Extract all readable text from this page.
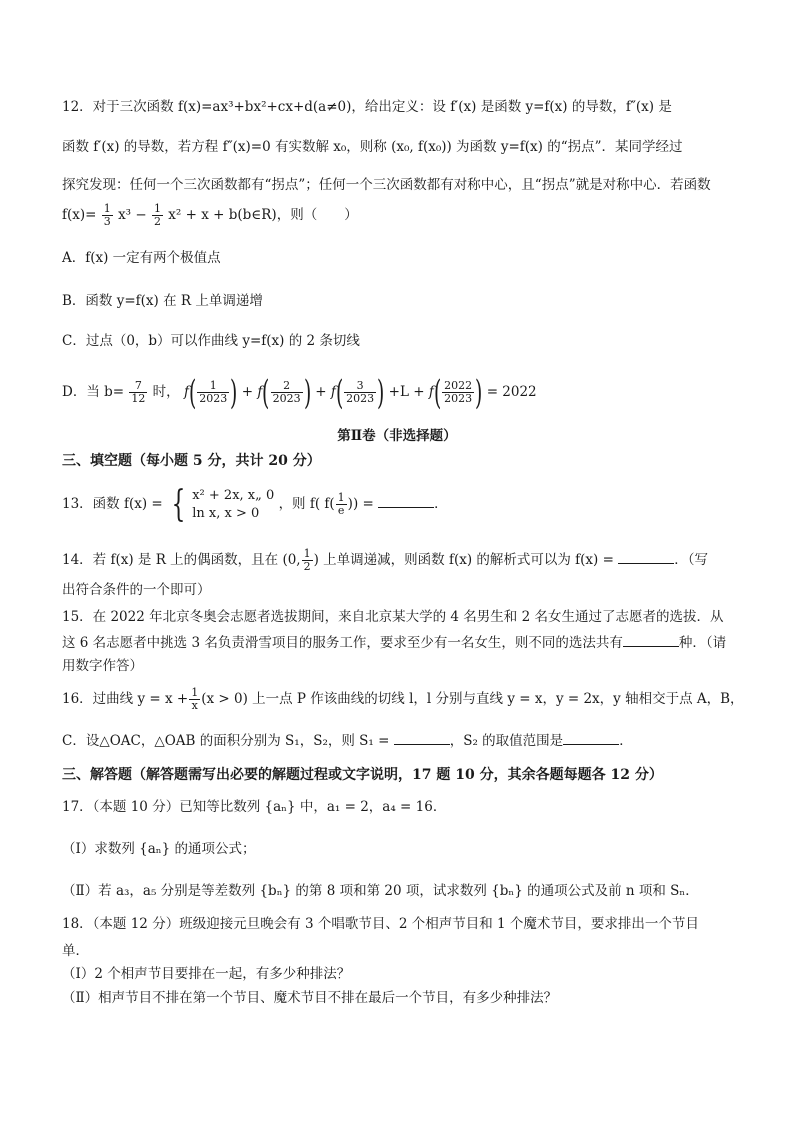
12．对于三次函数 f(x)=ax³+bx²+cx+d(a≠0)，给出定义：设 f′(x) 是函数 y=f(x) 的导数，f″(x) 是
函数 f′(x) 的导数，若方程 f″(x)=0 有实数解 x₀，则称 (x₀, f(x₀)) 为函数 y=f(x) 的“拐点”．某同学经过
探究发现：任何一个三次函数都有“拐点”；任何一个三次函数都有对称中心，且“拐点”就是对称中心．若函数
$f(x)= \frac{1}{3} x^3 - \frac{1}{2} x^2 + x$ + b(b∈R)，则（　　）
A．f(x) 一定有两个极值点
B．函数 y=f(x) 在 R 上单调递增
C．过点（0，b）可以作曲线 y=f(x) 的 2 条切线
D．当 $b= \frac{7}{12}$ 时， $f( \frac{1}{2023}$ ) + $f( \frac{2}{2023}$ ) + $f( \frac{3}{2023}$ ) $+L + f( \frac{2022}{2023}$ ) = 2022
第Ⅱ卷（非选择题）
三、填空题（每小题 5 分，共计 20 分）
13．函数 f(x) = { x² + 2x, x„ 0
ln x, x > 0
，则 f( $f( \frac{1}{e}$ )) =	．
14．若 f(x) 是 R 上的偶函数，且在 (0, $\frac{1}{2}$ ) 上单调递减，则函数 f(x) 的解析式可以为 f(x) =	．（写
出符合条件的一个即可）
15．在 2022 年北京冬奥会志愿者选拔期间，来自北京某大学的 4 名男生和 2 名女生通过了志愿者的选拔．从
这 6 名志愿者中挑选 3 名负责滑雪项目的服务工作，要求至少有一名女生，则不同的选法共有	种．（请
用数字作答）
16．过曲线 $y = x + \frac{1}{x} (x > 0)$ 上一点 P 作该曲线的切线 l，l 分别与直线 y = x，y = 2x，y 轴相交于点 A，B，
C．设△OAC，△OAB 的面积分别为 S₁，S₂，则 S₁ =	，S₂ 的取值范围是	．
三、解答题（解答题需写出必要的解题过程或文字说明，17 题 10 分，其余各题每题各 12 分）
17．（本题 10 分）已知等比数列 {aₙ} 中，a₁ = 2，a₄ = 16．
（Ⅰ）求数列 {aₙ} 的通项公式；
（Ⅱ）若 a₃，a₅ 分别是等差数列 {bₙ} 的第 8 项和第 20 项，试求数列 {bₙ} 的通项公式及前 n 项和 Sₙ．
18．（本题 12 分）班级迎接元旦晚会有 3 个唱歌节目、2 个相声节目和 1 个魔术节目，要求排出一个节目
单．
（Ⅰ）2 个相声节目要排在一起，有多少种排法？
（Ⅱ）相声节目不排在第一个节目、魔术节目不排在最后一个节目，有多少种排法？
